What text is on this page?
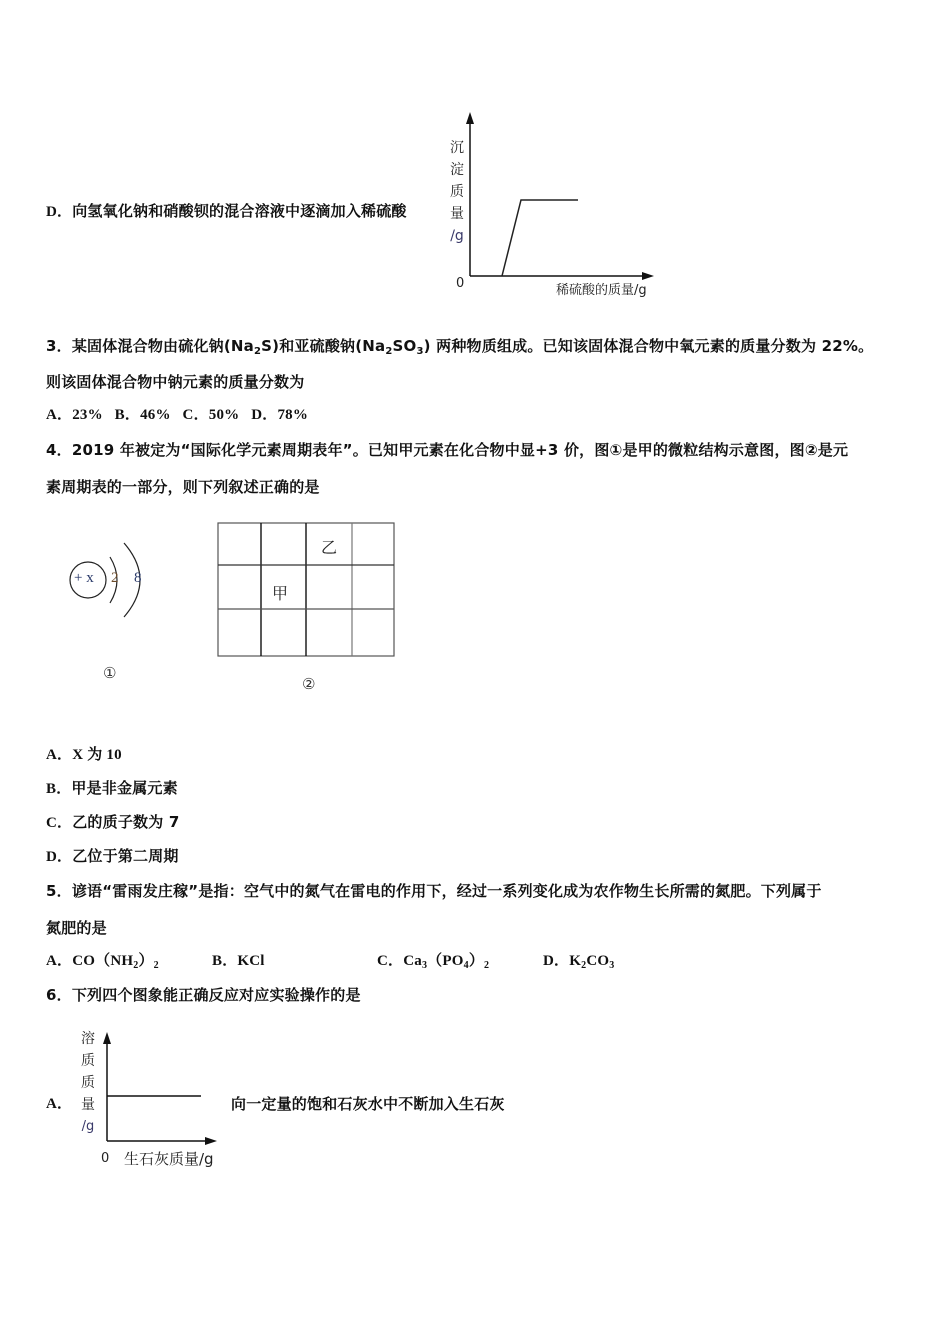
D．向氢氧化钠和硝酸钡的混合溶液中逐滴加入稀硫酸
沉
淀
质
量
/g
0	稀硫酸的质量/g
3．某固体混合物由硫化钠$(Na_2S)$和亚硫酸钠$(Na_2SO_3)$ 两种物质组成。已知该固体混合物中氧元素的质量分数为 22%。
则该固体混合物中钠元素的质量分数为
A．23%   B．46%   C．50%   D．78%
4．2019 年被定为“国际化学元素周期表年”。已知甲元素在化合物中显+3 价，图①是甲的微粒结构示意图，图②是元
素周期表的一部分，则下列叙述正确的是
+ x 2 8
①
乙
甲
②
A．X 为 10
B．甲是非金属元素
C．乙的质子数为 7
D．乙位于第二周期
5．谚语“雷雨发庄稼”是指：空气中的氮气在雷电的作用下，经过一系列变化成为农作物生长所需的氮肥。下列属于
氮肥的是
A．$CO(NH_2)_2$	B．KCl	C．$Ca_3(PO_4)_2$	D．$K_2CO_3$
6．下列四个图象能正确反应对应实验操作的是
A．
溶
质
质
量
/g
0 生石灰质量/g
向一定量的饱和石灰水中不断加入生石灰
